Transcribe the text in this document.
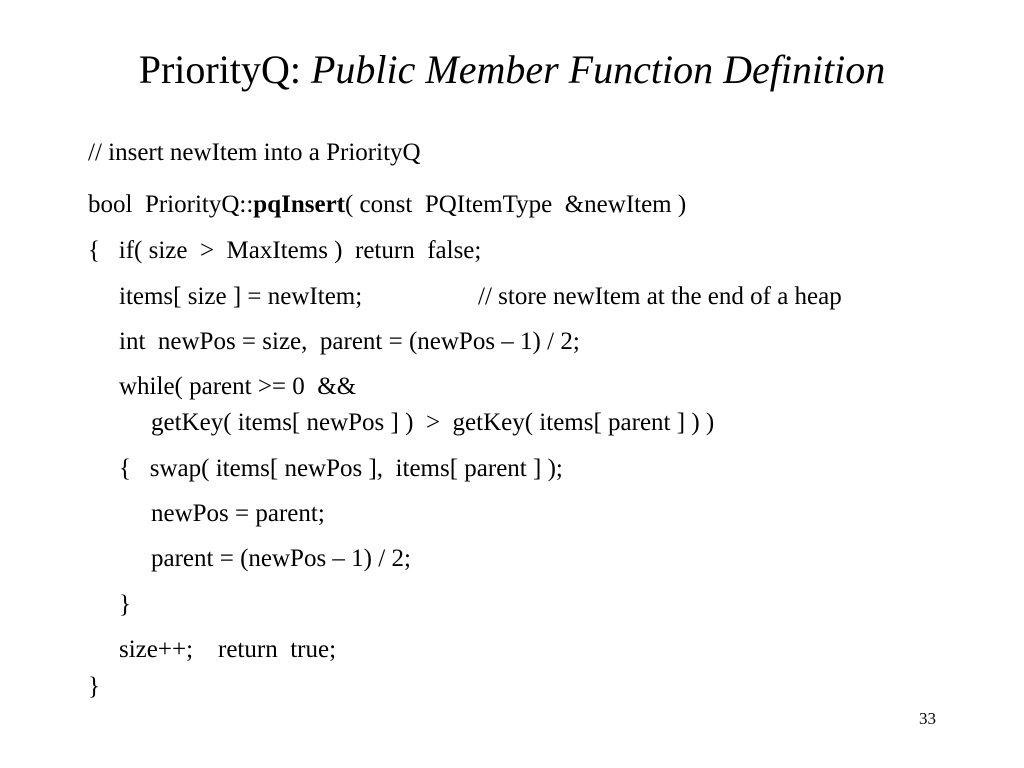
PriorityQ: Public Member Function Definition
// insert newItem into a PriorityQ
bool  PriorityQ::pqInsert( const  PQItemType  &newItem )
{   if( size  >  MaxItems )  return  false;
items[ size ] = newItem;	// store newItem at the end of a heap
int  newPos = size,  parent = (newPos – 1) / 2;
while( parent >= 0  &&
getKey( items[ newPos ] )  >  getKey( items[ parent ] ) )
{   swap( items[ newPos ],  items[ parent ] );
newPos = parent;
parent = (newPos – 1) / 2;
}
size++;    return  true;
}
33
